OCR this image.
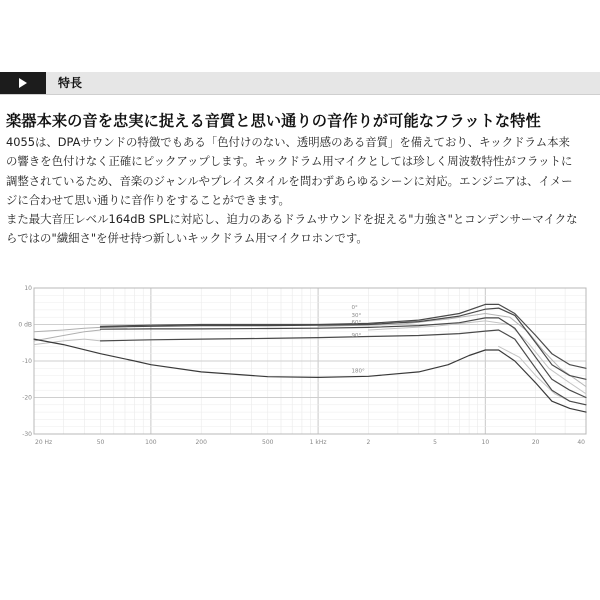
特長
楽器本来の音を忠実に捉える音質と思い通りの音作りが可能なフラットな特性

4055は、DPAサウンドの特徴でもある「色付けのない、透明感のある音質」を備えており、キックドラム本来

の響きを色付けなく正確にピックアップします。キックドラム用マイクとしては珍しく周波数特性がフラットに

調整されているため、音楽のジャンルやプレイスタイルを問わずあらゆるシーンに対応。エンジニアは、イメー

ジに合わせて思い通りに音作りをすることができます。

また最大音圧レベル164dB SPLに対応し、迫力のあるドラムサウンドを捉える"力強さ"とコンデンサーマイクな

らではの"繊細さ"を併せ持つ新しいキックドラム用マイクロホンです。

0°
30°
60°
90°
180°
10
0 dB
-10
-20
-30
20 Hz	50	100	200	500	1 kHz	2	5	10	20	40
